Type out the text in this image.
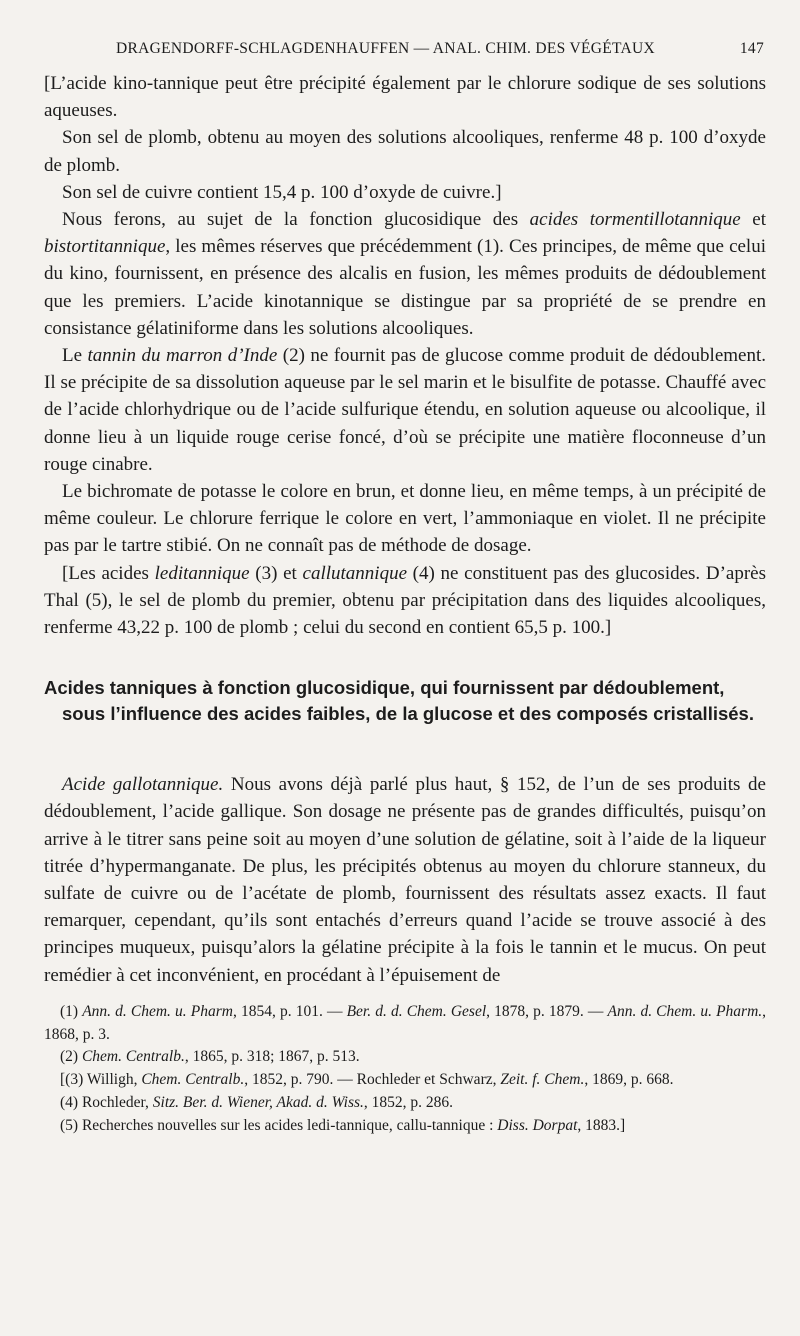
DRAGENDORFF-SCHLAGDENHAUFFEN — ANAL. CHIM. DES VÉGÉTAUX	147

[L’acide kino-tannique peut être précipité également par le chlorure sodique de ses solutions aqueuses.

Son sel de plomb, obtenu au moyen des solutions alcooliques, renferme 48 p. 100 d’oxyde de plomb.

Son sel de cuivre contient 15,4 p. 100 d’oxyde de cuivre.]

Nous ferons, au sujet de la fonction glucosidique des acides tormentillotannique et bistortitannique, les mêmes réserves que précédemment (1). Ces principes, de même que celui du kino, fournissent, en présence des alcalis en fusion, les mêmes produits de dédoublement que les premiers. L’acide kinotannique se distingue par sa propriété de se prendre en consistance gélatiniforme dans les solutions alcooliques.

Le tannin du marron d’Inde (2) ne fournit pas de glucose comme produit de dédoublement. Il se précipite de sa dissolution aqueuse par le sel marin et le bisulfite de potasse. Chauffé avec de l’acide chlorhydrique ou de l’acide sulfurique étendu, en solution aqueuse ou alcoolique, il donne lieu à un liquide rouge cerise foncé, d’où se précipite une matière floconneuse d’un rouge cinabre.

Le bichromate de potasse le colore en brun, et donne lieu, en même temps, à un précipité de même couleur. Le chlorure ferrique le colore en vert, l’ammoniaque en violet. Il ne précipite pas par le tartre stibié. On ne connaît pas de méthode de dosage.

[Les acides leditannique (3) et callutannique (4) ne constituent pas des glucosides. D’après Thal (5), le sel de plomb du premier, obtenu par précipitation dans des liquides alcooliques, renferme 43,22 p. 100 de plomb ; celui du second en contient 65,5 p. 100.]

Acides tanniques à fonction glucosidique, qui fournissent par dédoublement,
sous l’influence des acides faibles, de la glucose et des composés cristallisés.

Acide gallotannique. Nous avons déjà parlé plus haut, § 152, de l’un de ses produits de dédoublement, l’acide gallique. Son dosage ne présente pas de grandes difficultés, puisqu’on arrive à le titrer sans peine soit au moyen d’une solution de gélatine, soit à l’aide de la liqueur titrée d’hypermanganate. De plus, les précipités obtenus au moyen du chlorure stanneux, du sulfate de cuivre ou de l’acétate de plomb, fournissent des résultats assez exacts. Il faut remarquer, cependant, qu’ils sont entachés d’erreurs quand l’acide se trouve associé à des principes muqueux, puisqu’alors la gélatine précipite à la fois le tannin et le mucus. On peut remédier à cet inconvénient, en procédant à l’épuisement de

(1) Ann. d. Chem. u. Pharm, 1854, p. 101. — Ber. d. d. Chem. Gesel, 1878, p. 1879. — Ann. d. Chem. u. Pharm., 1868, p. 3.

(2) Chem. Centralb., 1865, p. 318; 1867, p. 513.

[(3) Willigh, Chem. Centralb., 1852, p. 790. — Rochleder et Schwarz, Zeit. f. Chem., 1869, p. 668.

(4) Rochleder, Sitz. Ber. d. Wiener, Akad. d. Wiss., 1852, p. 286.

(5) Recherches nouvelles sur les acides ledi-tannique, callu-tannique : Diss. Dorpat, 1883.]
